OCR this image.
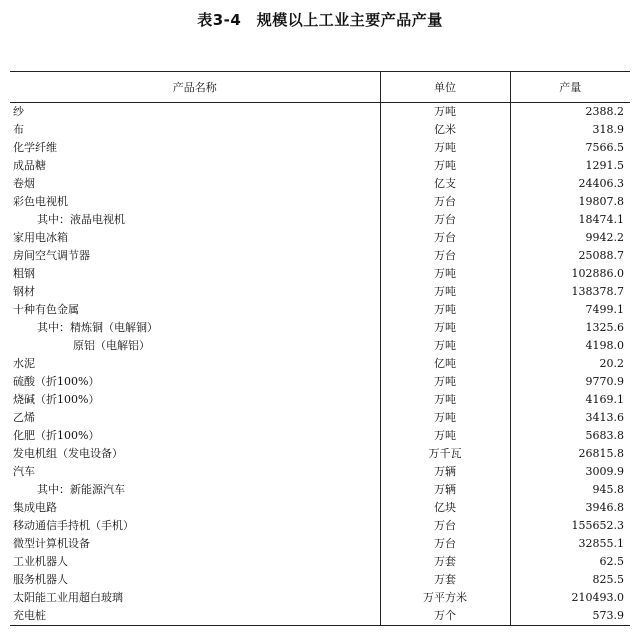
表3-4　规模以上工业主要产品产量
产品名称	单位	产量
纱	万吨	2388.2
布	亿米	318.9
化学纤维	万吨	7566.5
成品糖	万吨	1291.5
卷烟	亿支	24406.3
彩色电视机	万台	19807.8
其中：液晶电视机	万台	18474.1
家用电冰箱	万台	9942.2
房间空气调节器	万台	25088.7
粗钢	万吨	102886.0
钢材	万吨	138378.7
十种有色金属	万吨	7499.1
其中：精炼铜（电解铜）	万吨	1325.6
原铝（电解铝）	万吨	4198.0
水泥	亿吨	20.2
硫酸（折100%）	万吨	9770.9
烧碱（折100%）	万吨	4169.1
乙烯	万吨	3413.6
化肥（折100%）	万吨	5683.8
发电机组（发电设备）	万千瓦	26815.8
汽车	万辆	3009.9
其中：新能源汽车	万辆	945.8
集成电路	亿块	3946.8
移动通信手持机（手机）	万台	155652.3
微型计算机设备	万台	32855.1
工业机器人	万套	62.5
服务机器人	万套	825.5
太阳能工业用超白玻璃	万平方米	210493.0
充电桩	万个	573.9
